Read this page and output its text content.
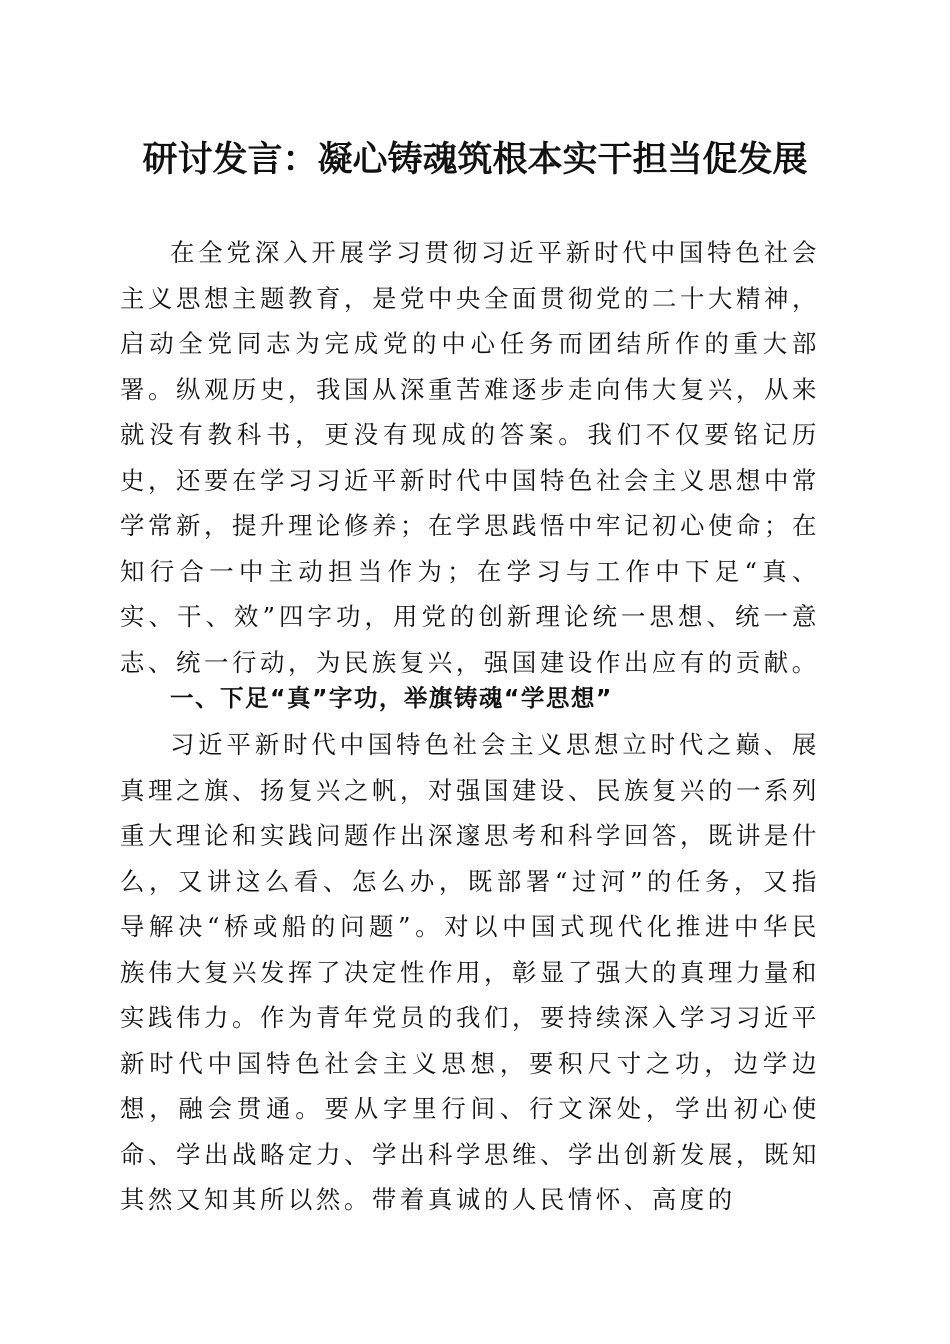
研讨发言：凝心铸魂筑根本实干担当促发展

在全党深入开展学习贯彻习近平新时代中国特色社会主义思想主题教育，是党中央全面贯彻党的二十大精神，启动全党同志为完成党的中心任务而团结所作的重大部署。纵观历史，我国从深重苦难逐步走向伟大复兴，从来就没有教科书，更没有现成的答案。我们不仅要铭记历史，还要在学习习近平新时代中国特色社会主义思想中常学常新，提升理论修养；在学思践悟中牢记初心使命；在知行合一中主动担当作为；在学习与工作中下足“真、实、干、效”四字功，用党的创新理论统一思想、统一意志、统一行动，为民族复兴，强国建设作出应有的贡献。

一、下足“真”字功，举旗铸魂“学思想”

习近平新时代中国特色社会主义思想立时代之巅、展真理之旗、扬复兴之帆，对强国建设、民族复兴的一系列重大理论和实践问题作出深邃思考和科学回答，既讲是什么，又讲这么看、怎么办，既部署“过河”的任务，又指导解决“桥或船的问题”。对以中国式现代化推进中华民族伟大复兴发挥了决定性作用，彰显了强大的真理力量和实践伟力。作为青年党员的我们，要持续深入学习习近平新时代中国特色社会主义思想，要积尺寸之功，边学边想，融会贯通。要从字里行间、行文深处，学出初心使命、学出战略定力、学出科学思维、学出创新发展，既知其然又知其所以然。带着真诚的人民情怀、高度的
